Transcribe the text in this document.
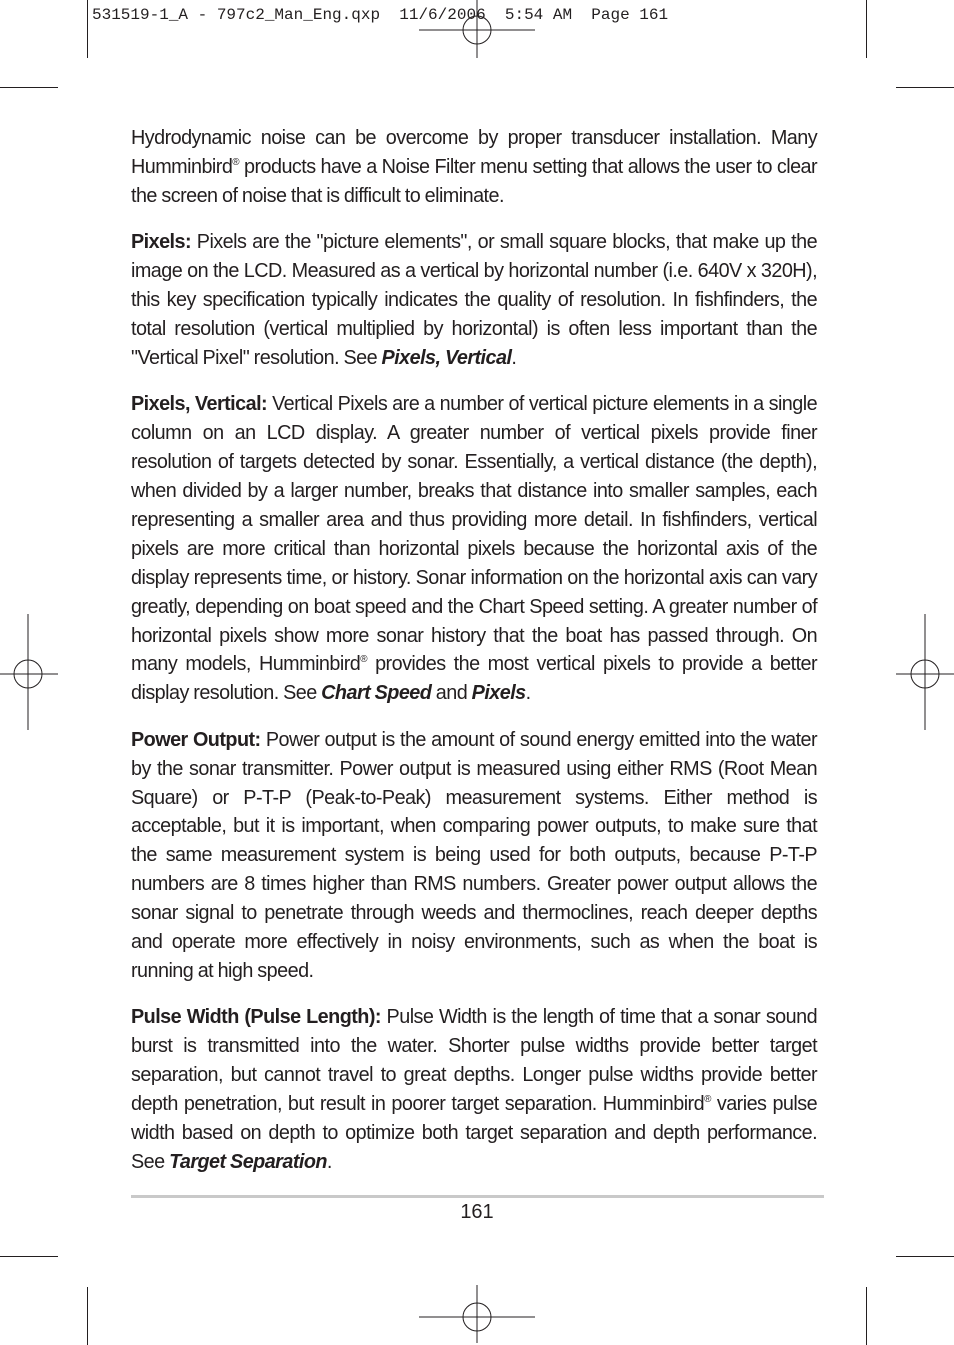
531519-1_A - 797c2_Man_Eng.qxp  11/6/2006  5:54 AM  Page 161

Hydrodynamic noise can be overcome by proper transducer installation. Many Humminbird® products have a Noise Filter menu setting that allows the user to clear the screen of noise that is difficult to eliminate.

Pixels: Pixels are the "picture elements", or small square blocks, that make up the image on the LCD. Measured as a vertical by horizontal number (i.e. 640V x 320H), this key specification typically indicates the quality of resolution. In fishfinders, the total resolution (vertical multiplied by horizontal) is often less important than the "Vertical Pixel" resolution. See Pixels, Vertical.

Pixels, Vertical: Vertical Pixels are a number of vertical picture elements in a single column on an LCD display. A greater number of vertical pixels provide finer resolution of targets detected by sonar. Essentially, a vertical distance (the depth), when divided by a larger number, breaks that distance into smaller samples, each representing a smaller area and thus providing more detail. In fishfinders, vertical pixels are more critical than horizontal pixels because the horizontal axis of the display represents time, or history. Sonar information on the horizontal axis can vary greatly, depending on boat speed and the Chart Speed setting. A greater number of horizontal pixels show more sonar history that the boat has passed through. On many models, Humminbird® provides the most vertical pixels to provide a better display resolution. See Chart Speed and Pixels.

Power Output: Power output is the amount of sound energy emitted into the water by the sonar transmitter. Power output is measured using either RMS (Root Mean Square) or P-T-P (Peak-to-Peak) measurement systems. Either method is acceptable, but it is important, when comparing power outputs, to make sure that the same measurement system is being used for both outputs, because P-T-P numbers are 8 times higher than RMS numbers. Greater power output allows the sonar signal to penetrate through weeds and thermoclines, reach deeper depths and operate more effectively in noisy environments, such as when the boat is running at high speed.

Pulse Width (Pulse Length): Pulse Width is the length of time that a sonar sound burst is transmitted into the water. Shorter pulse widths provide better target separation, but cannot travel to great depths. Longer pulse widths provide better depth penetration, but result in poorer target separation. Humminbird® varies pulse width based on depth to optimize both target separation and depth performance. See Target Separation.

161
